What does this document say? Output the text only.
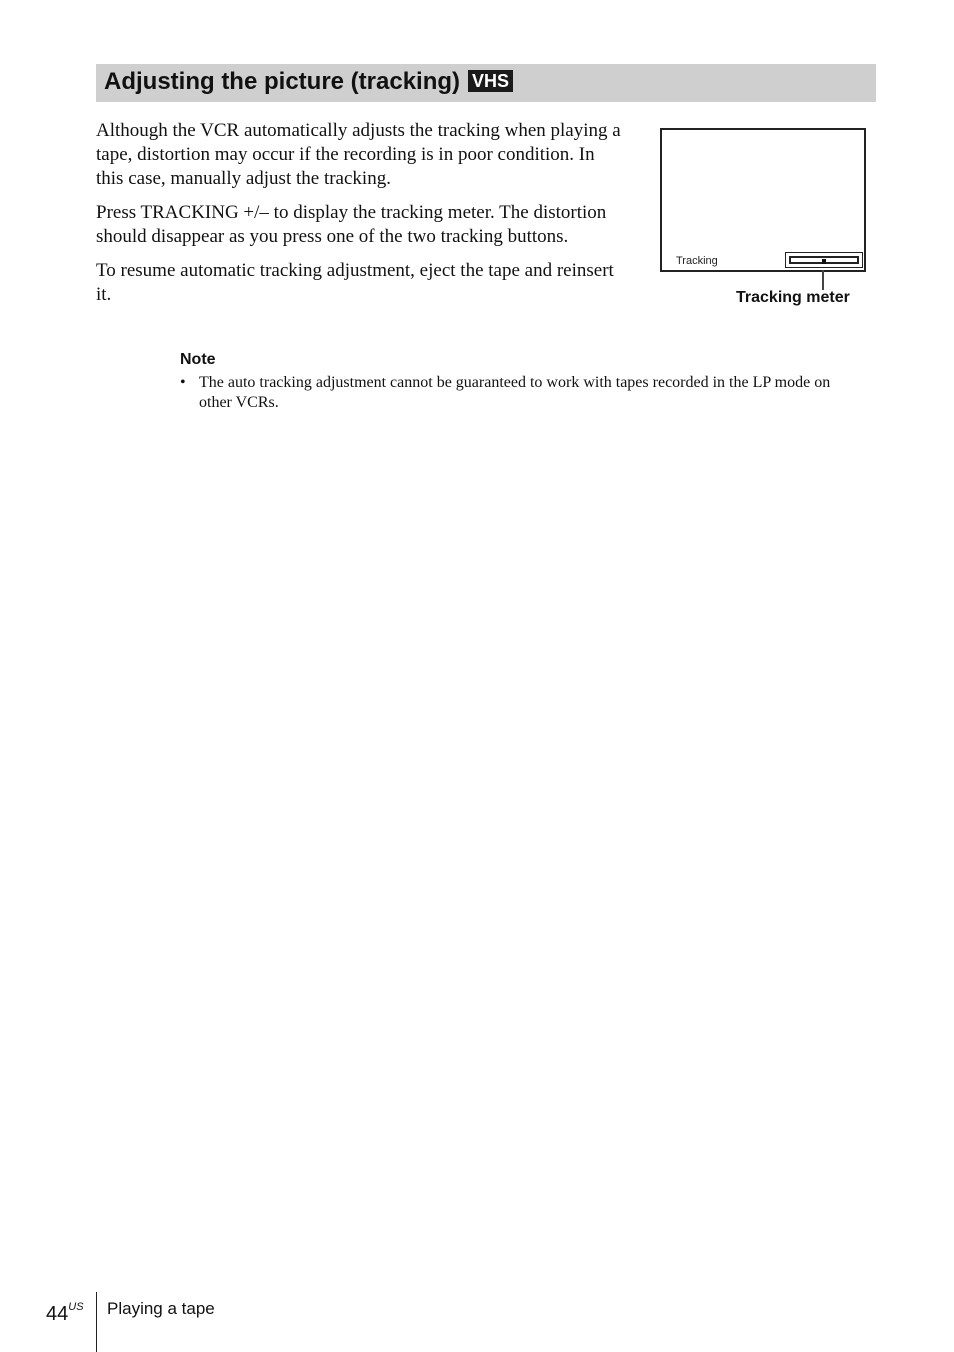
Adjusting the picture (tracking) VHS

Although the VCR automatically adjusts the tracking when playing a tape, distortion may occur if the recording is in poor condition. In this case, manually adjust the tracking.

Press TRACKING +/– to display the tracking meter. The distortion should disappear as you press one of the two tracking buttons.

To resume automatic tracking adjustment, eject the tape and reinsert it.

Tracking
Tracking meter
Note
• The auto tracking adjustment cannot be guaranteed to work with tapes recorded in the LP mode on other VCRs.
$44^{US}$ Playing a tape
